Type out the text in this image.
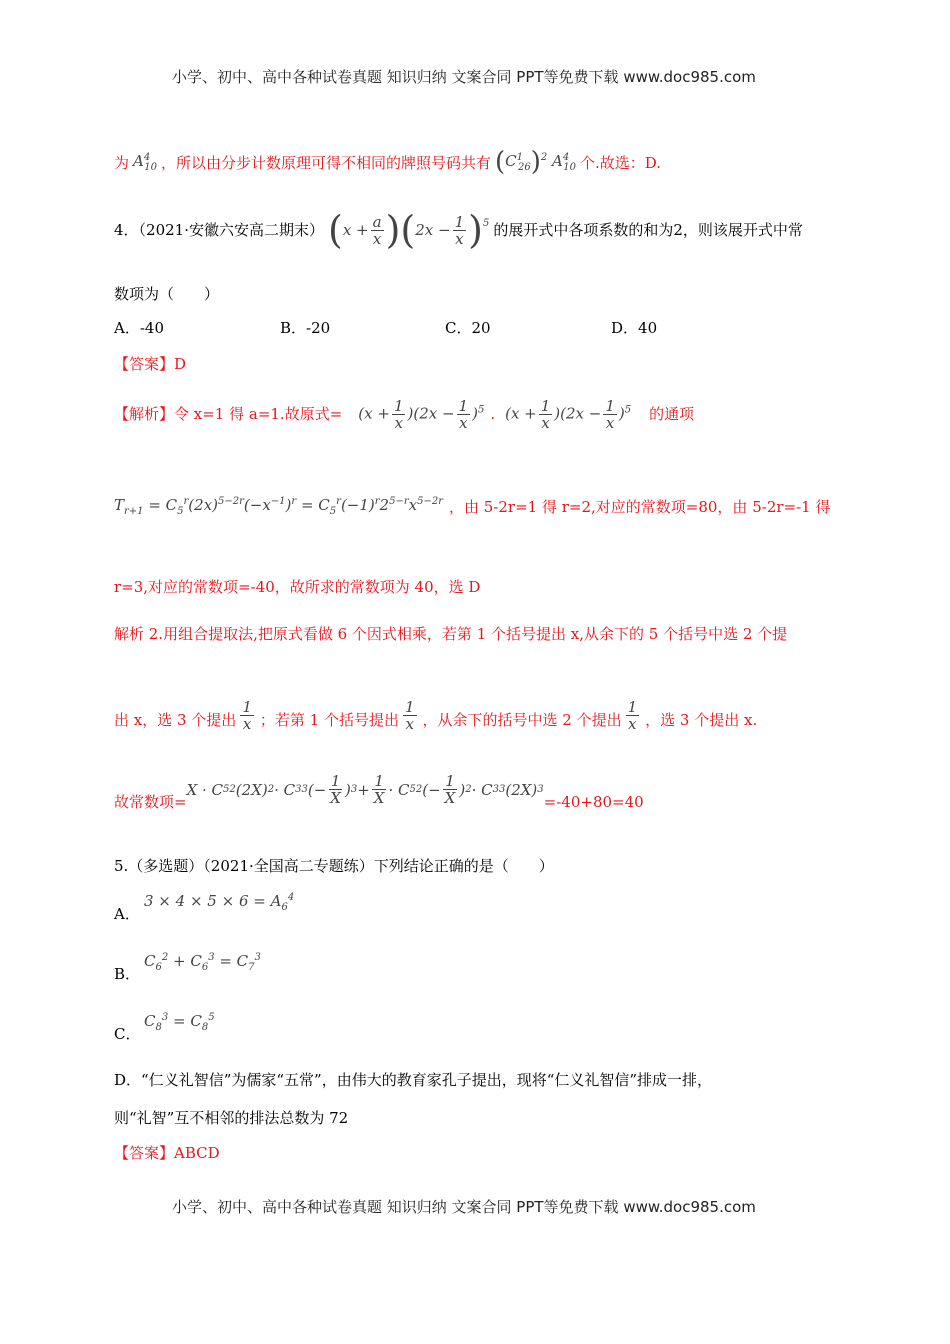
小学、初中、高中各种试卷真题 知识归纳 文案合同 PPT等免费下载 www.doc985.com
为 $A^4_{10}$ ，所以由分步计数原理可得不相同的牌照号码共有 $(C^1_{26})^2$ $A^4_{10}$ 个.故选：D.
4．（2021·安徽六安高二期末） ( $x + \frac{a}{x}$ ) ( $2x - \frac{1}{x} )^5$ 的展开式中各项系数的和为2，则该展开式中常
数项为（　　）
A．-40	B．-20	C．20	D．40
【答案】D
【解析】令 x=1 得 a=1.故原式= $(x + \frac{1}{x} )(2x - \frac{1}{x} )^5$ . $(x + \frac{1}{x} )(2x - \frac{1}{x} )^5$ 的通项
$T_{r+1} = C_5^r(2x)^{5-2r}(-x^{-1})^r = C_5^r(-1)^r2^{5-r}x^{5-2r}$ ，由 5-2r=1 得 r=2,对应的常数项=80，由 5-2r=-1 得
r=3,对应的常数项=-40，故所求的常数项为 40，选 D
解析 2.用组合提取法,把原式看做 6 个因式相乘，若第 1 个括号提出 x,从余下的 5 个括号中选 2 个提
出 x，选 3 个提出 $\frac{1}{x}$ ；若第 1 个括号提出 $\frac{1}{x}$ ，从余下的括号中选 2 个提出 $\frac{1}{x}$ ，选 3 个提出 x.
故常数项=
X · C 5 2 (2X) 2 · C 3 3 (− $\frac{1}{X}$ ) $3 + \frac{1}{X} \cdot C$ 5 2 (− $\frac{1}{X}$ ) 2 · C 3 3 (2X) 3
=-40+80=40
5.（多选题）（2021·全国高二专题练）下列结论正确的是（　　）
A．
$3 \times 4 \times 5 \times 6 = A_6^4$
B．
$C_6^2 + C_6^3 = C_7^3$
C．
$C_8^3 = C_8^5$
D．“仁义礼智信”为儒家“五常”，由伟大的教育家孔子提出，现将“仁义礼智信”排成一排，
则“礼智”互不相邻的排法总数为 72
【答案】ABCD
小学、初中、高中各种试卷真题 知识归纳 文案合同 PPT等免费下载 www.doc985.com
